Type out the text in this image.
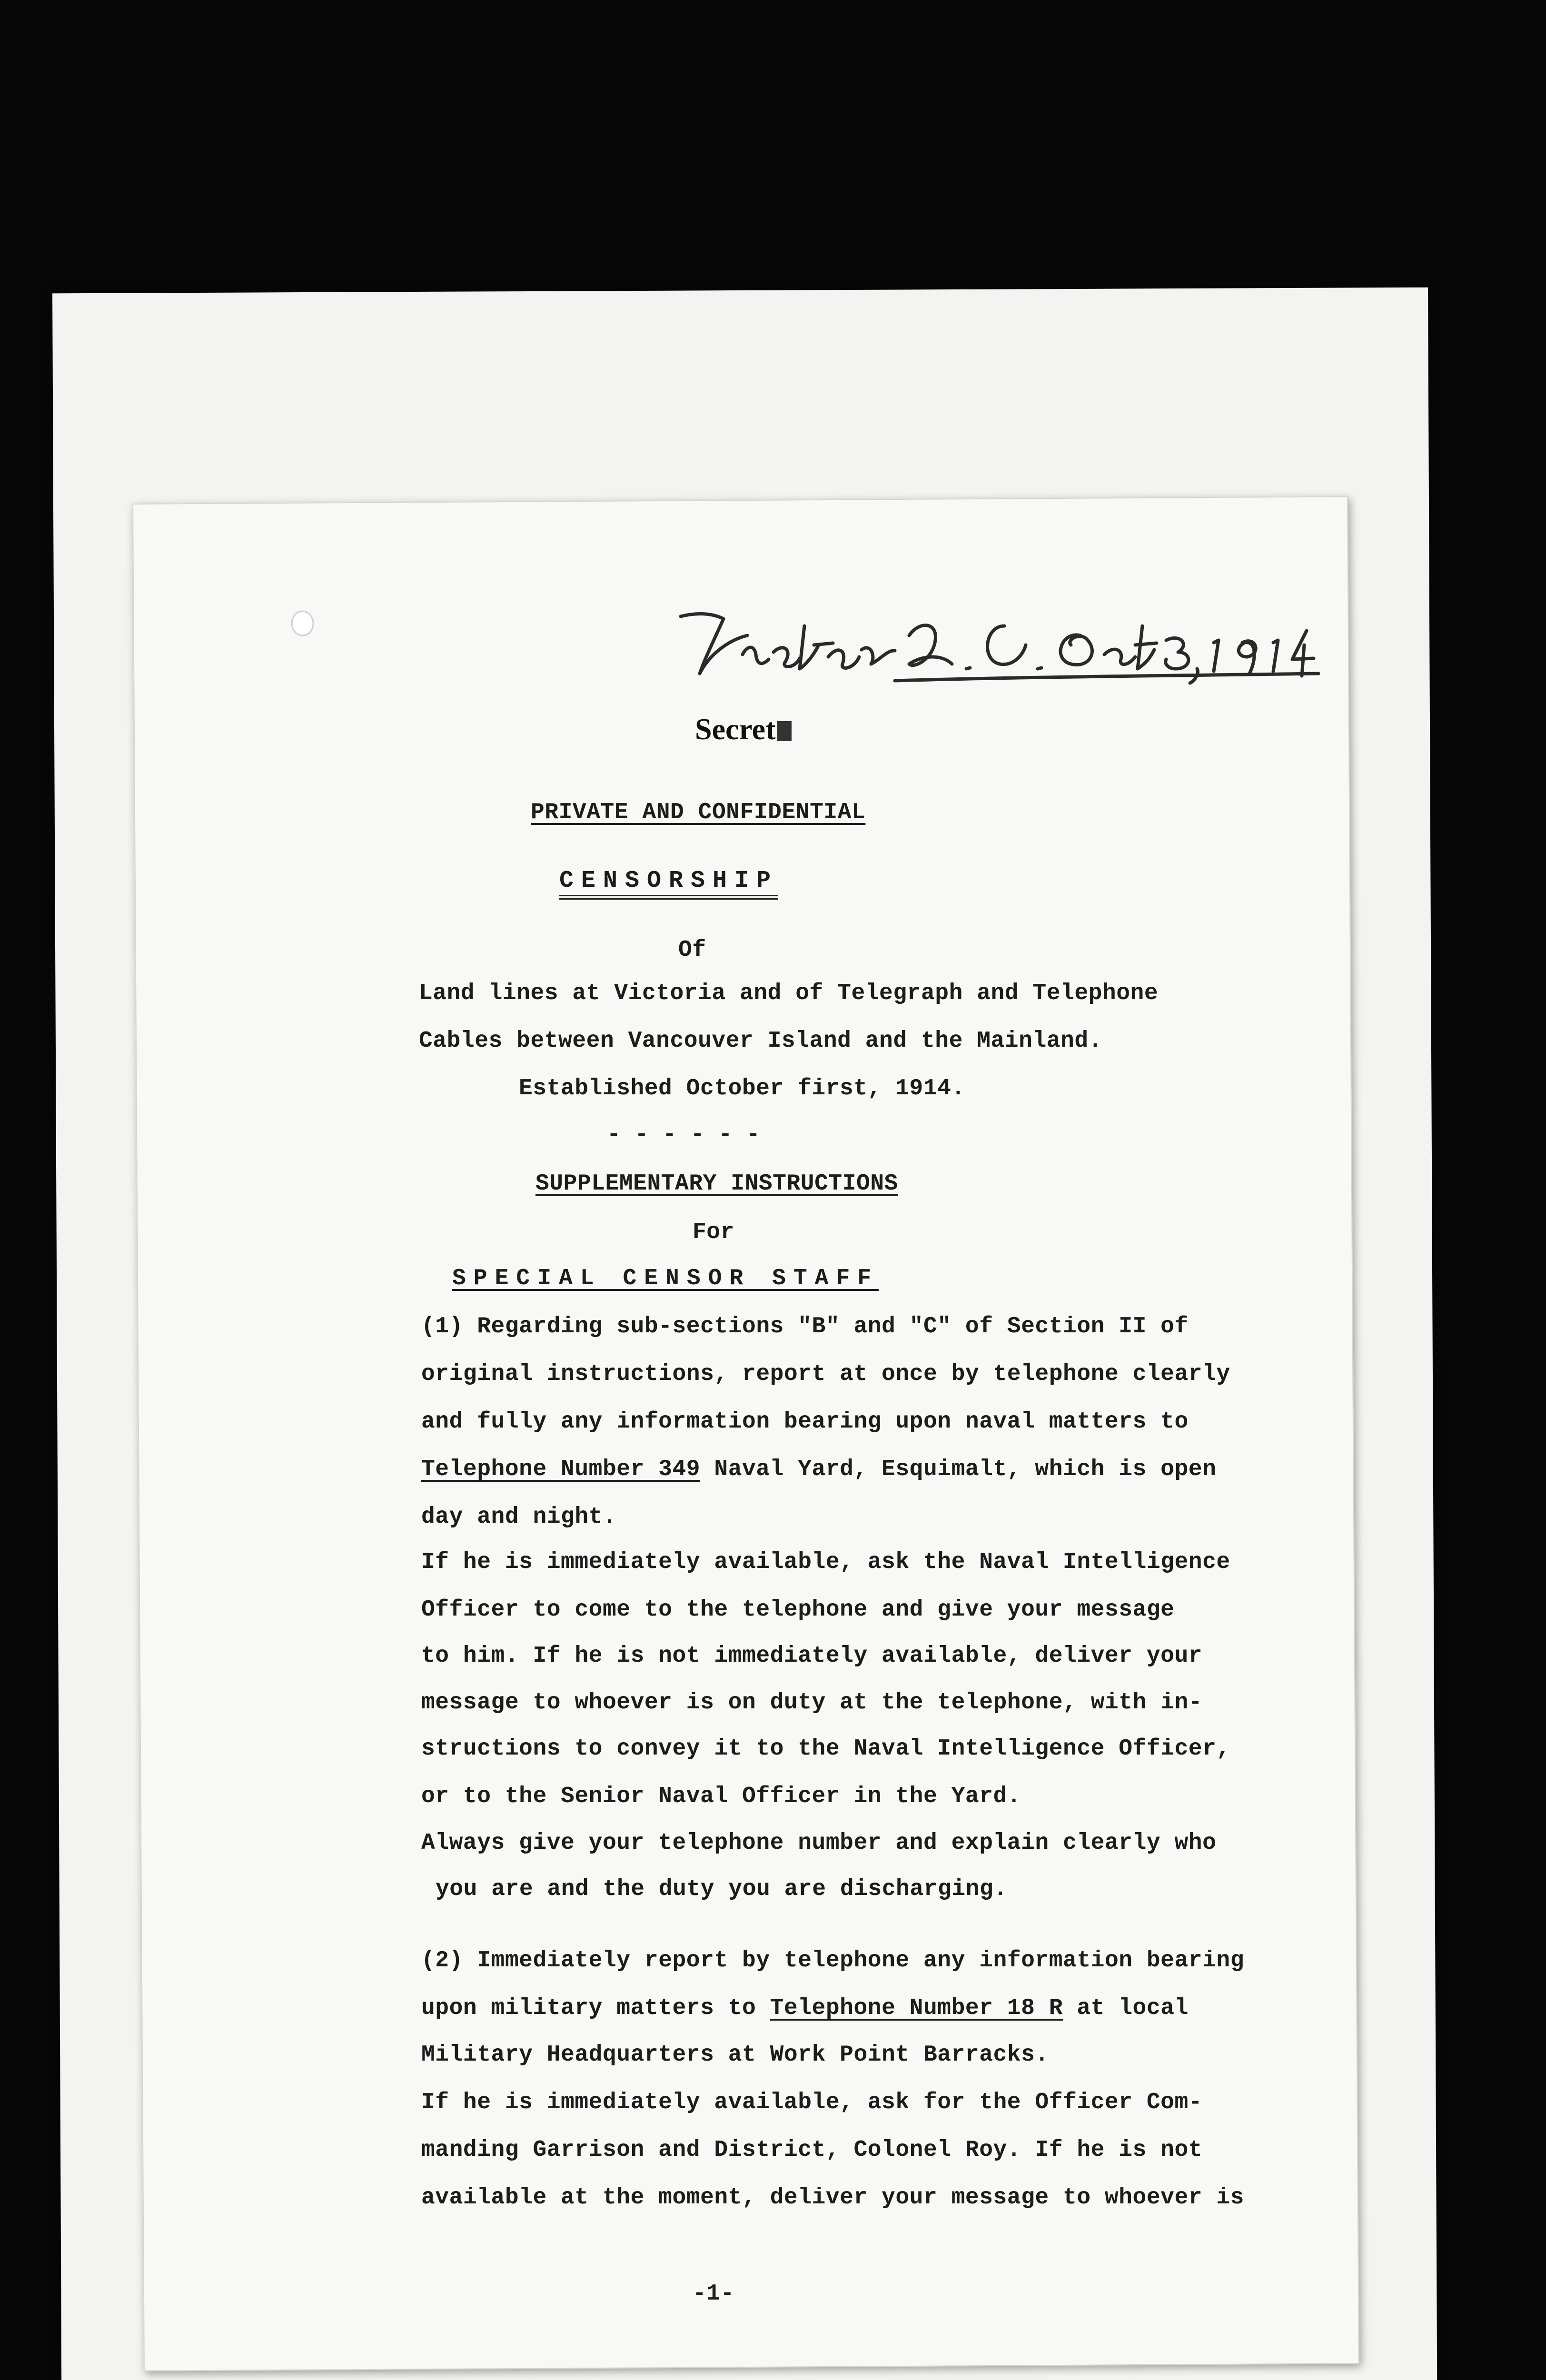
Secret
PRIVATE AND CONFIDENTIAL
CENSORSHIP
Of
Land lines at Victoria and of Telegraph and Telephone
Cables between Vancouver Island and the Mainland.
Established October first, 1914.
- - - - - -
SUPPLEMENTARY INSTRUCTIONS
For
SPECIAL CENSOR STAFF
(1) Regarding sub-sections "B" and "C" of Section II of
original instructions, report at once by telephone clearly
and fully any information bearing upon naval matters to
Telephone Number 349 Naval Yard, Esquimalt, which is open
day and night.
If he is immediately available, ask the Naval Intelligence
Officer to come to the telephone and give your message
to him. If he is not immediately available, deliver your
message to whoever is on duty at the telephone, with in-
structions to convey it to the Naval Intelligence Officer,
or to the Senior Naval Officer in the Yard.
Always give your telephone number and explain clearly who
you are and the duty you are discharging.
(2) Immediately report by telephone any information bearing
upon military matters to Telephone Number 18 R at local
Military Headquarters at Work Point Barracks.
If he is immediately available, ask for the Officer Com-
manding Garrison and District, Colonel Roy. If he is not
available at the moment, deliver your message to whoever is
-1-
